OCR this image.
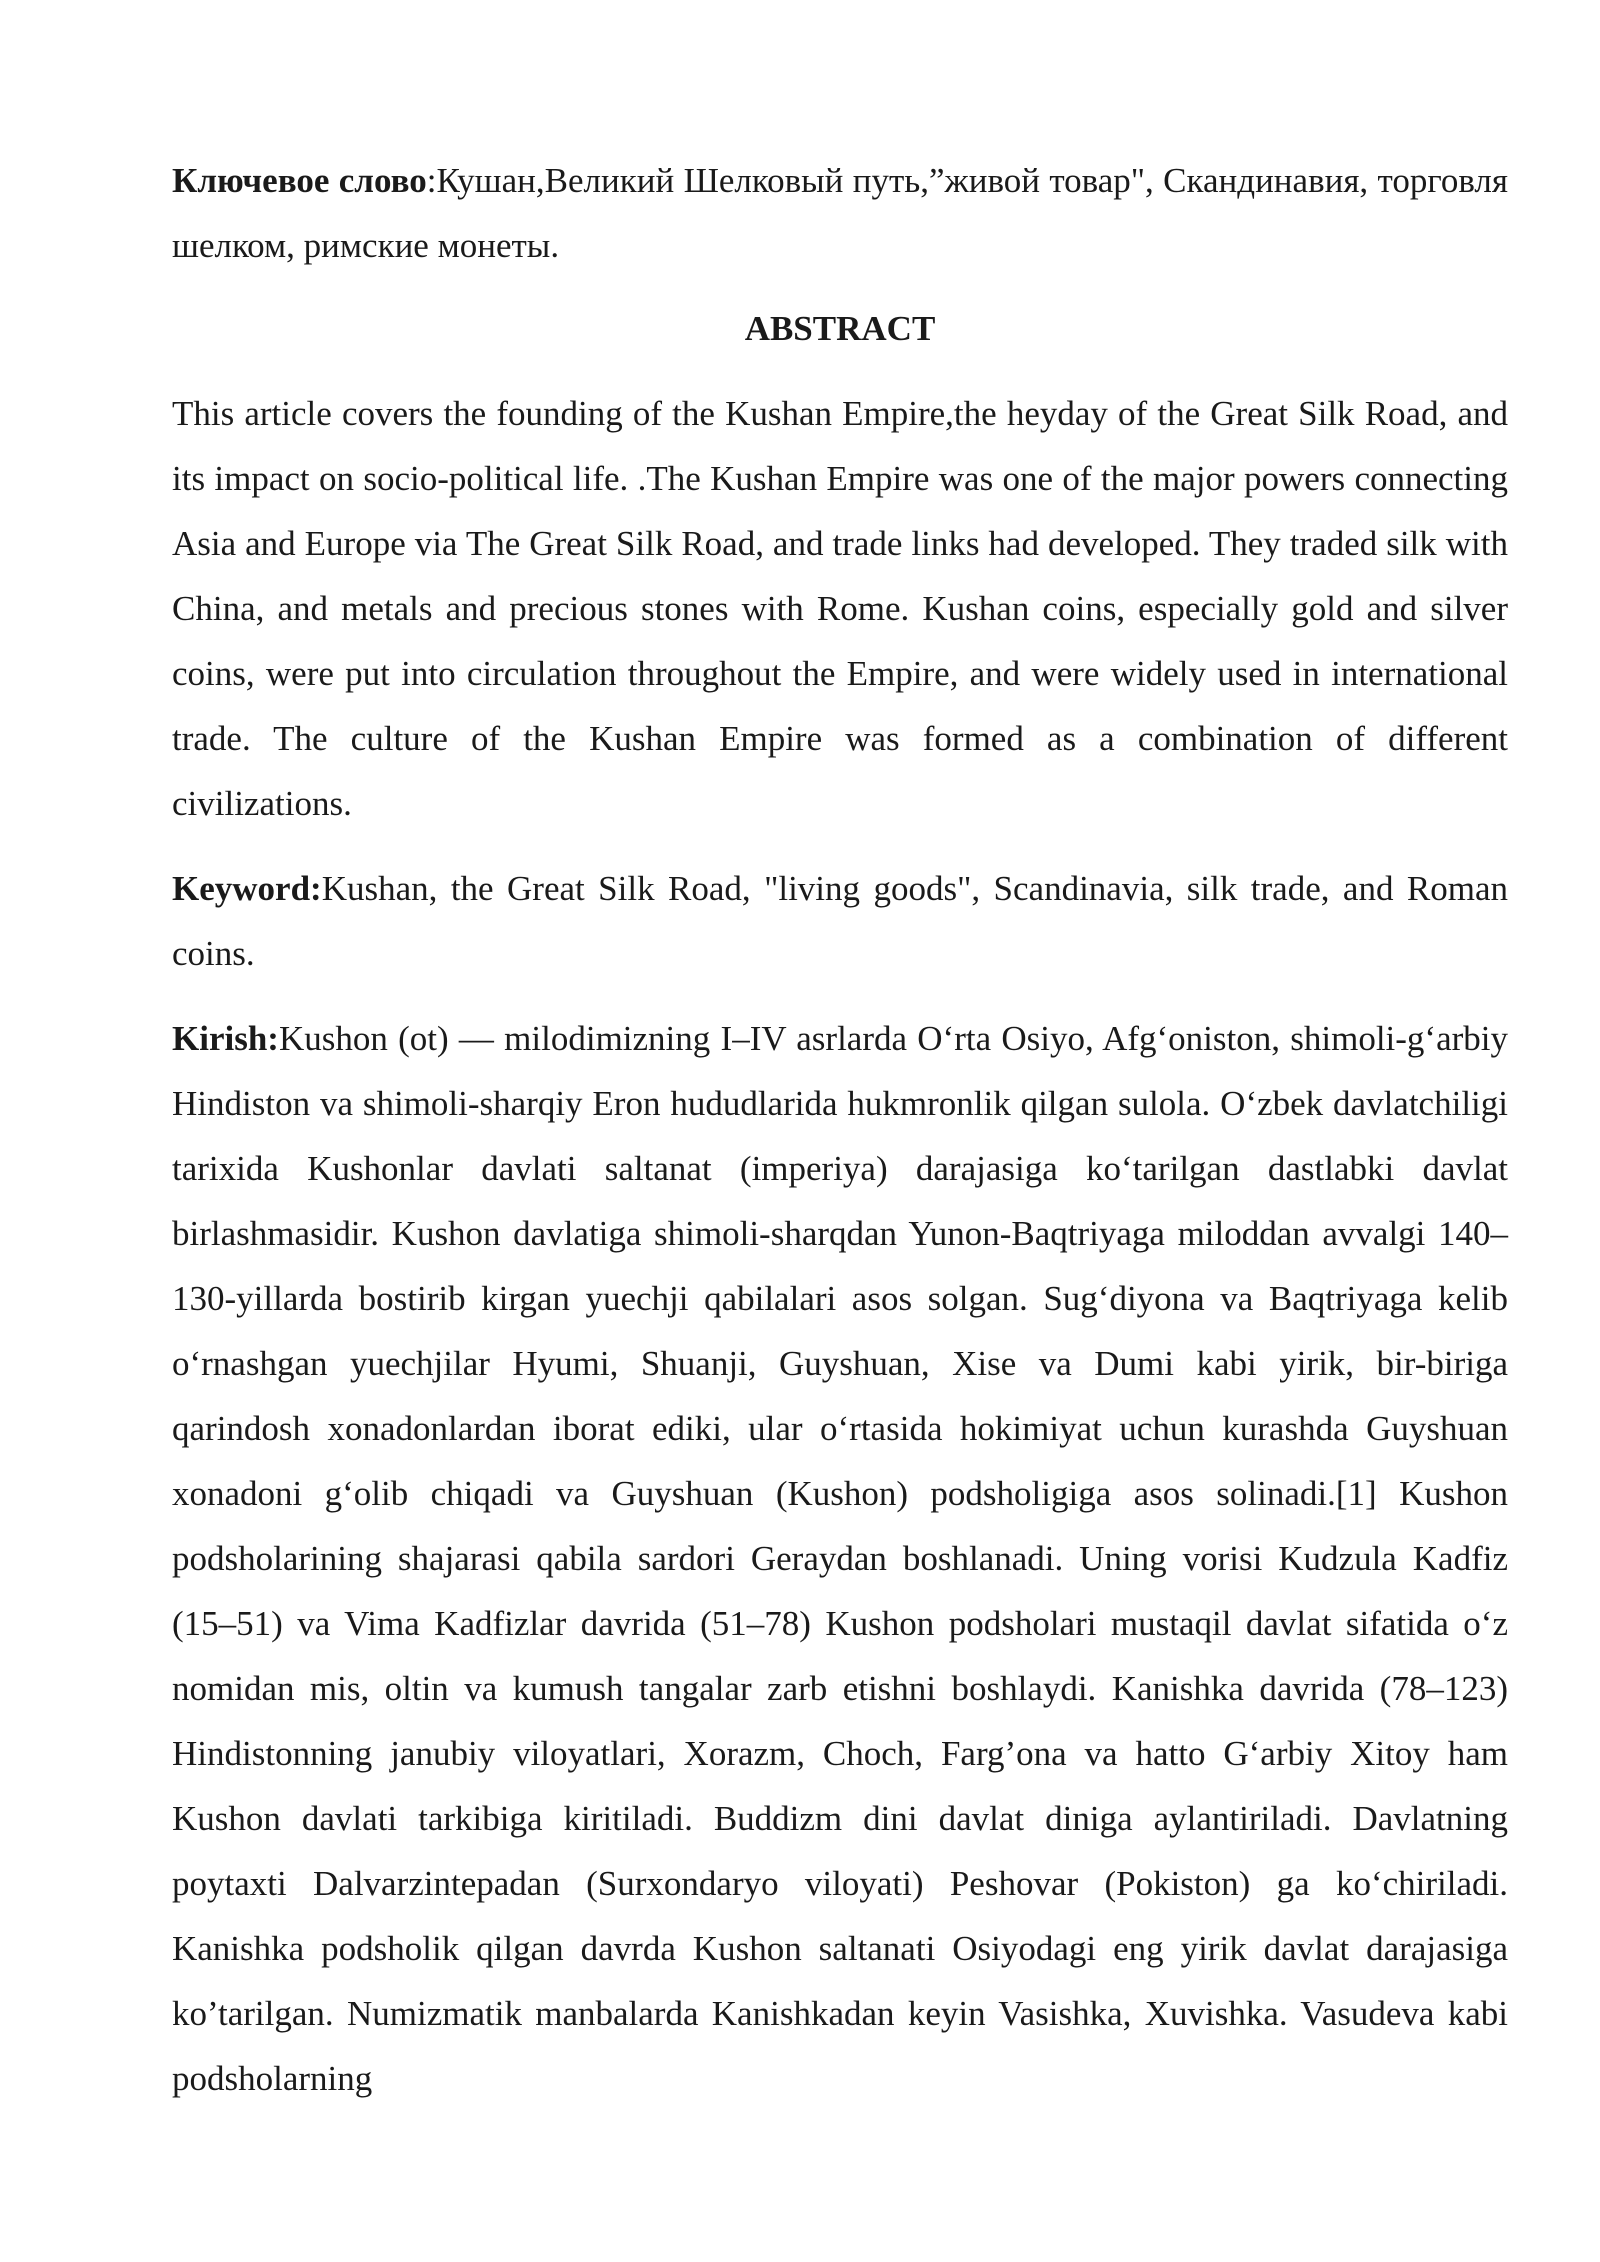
Ключевое слово:Кушан,Великий Шелковый путь,”живой товар", Скандинавия, торговля шелком, римские монеты.

ABSTRACT

This article covers the founding of the Kushan Empire,the heyday of the Great Silk Road, and its impact on socio-political life. .The Kushan Empire was one of the major powers connecting Asia and Europe via The Great Silk Road, and trade links had developed. They traded silk with China, and metals and precious stones with Rome. Kushan coins, especially gold and silver coins, were put into circulation throughout the Empire, and were widely used in international trade. The culture of the Kushan Empire was formed as a combination of different civilizations.

Keyword:Kushan, the Great Silk Road, "living goods", Scandinavia, silk trade, and Roman coins.

Kirish:Kushon (ot) — milodimizning I–IV asrlarda Oʻrta Osiyo, Afgʻoniston, shimoli-gʻarbiy Hindiston va shimoli-sharqiy Eron hududlarida hukmronlik qilgan sulola. Oʻzbek davlatchiligi tarixida Kushonlar davlati saltanat (imperiya) darajasiga koʻtarilgan dastlabki davlat birlashmasidir. Kushon davlatiga shimoli-sharqdan Yunon-Baqtriyaga miloddan avvalgi 140–130-yillarda bostirib kirgan yuechji qabilalari asos solgan. Sugʻdiyona va Baqtriyaga kelib oʻrnashgan yuechjilar Hyumi, Shuanji, Guyshuan, Xise va Dumi kabi yirik, bir-biriga qarindosh xonadonlardan iborat ediki, ular oʻrtasida hokimiyat uchun kurashda Guyshuan xonadoni gʻolib chiqadi va Guyshuan (Kushon) podsholigiga asos solinadi.[1] Kushon podsholarining shajarasi qabila sardori Geraydan boshlanadi. Uning vorisi Kudzula Kadfiz (15–51) va Vima Kadfizlar davrida (51–78) Kushon podsholari mustaqil davlat sifatida oʻz nomidan mis, oltin va kumush tangalar zarb etishni boshlaydi. Kanishka davrida (78–123) Hindistonning janubiy viloyatlari, Xorazm, Choch, Farg’ona va hatto Gʻarbiy Xitoy ham Kushon davlati tarkibiga kiritiladi. Buddizm dini davlat diniga aylantiriladi. Davlatning poytaxti Dalvarzintepadan (Surxondaryo viloyati) Peshovar (Pokiston) ga koʻchiriladi. Kanishka podsholik qilgan davrda Kushon saltanati Osiyodagi eng yirik davlat darajasiga ko’tarilgan. Numizmatik manbalarda Kanishkadan keyin Vasishka, Xuvishka. Vasudeva kabi podsholarning
